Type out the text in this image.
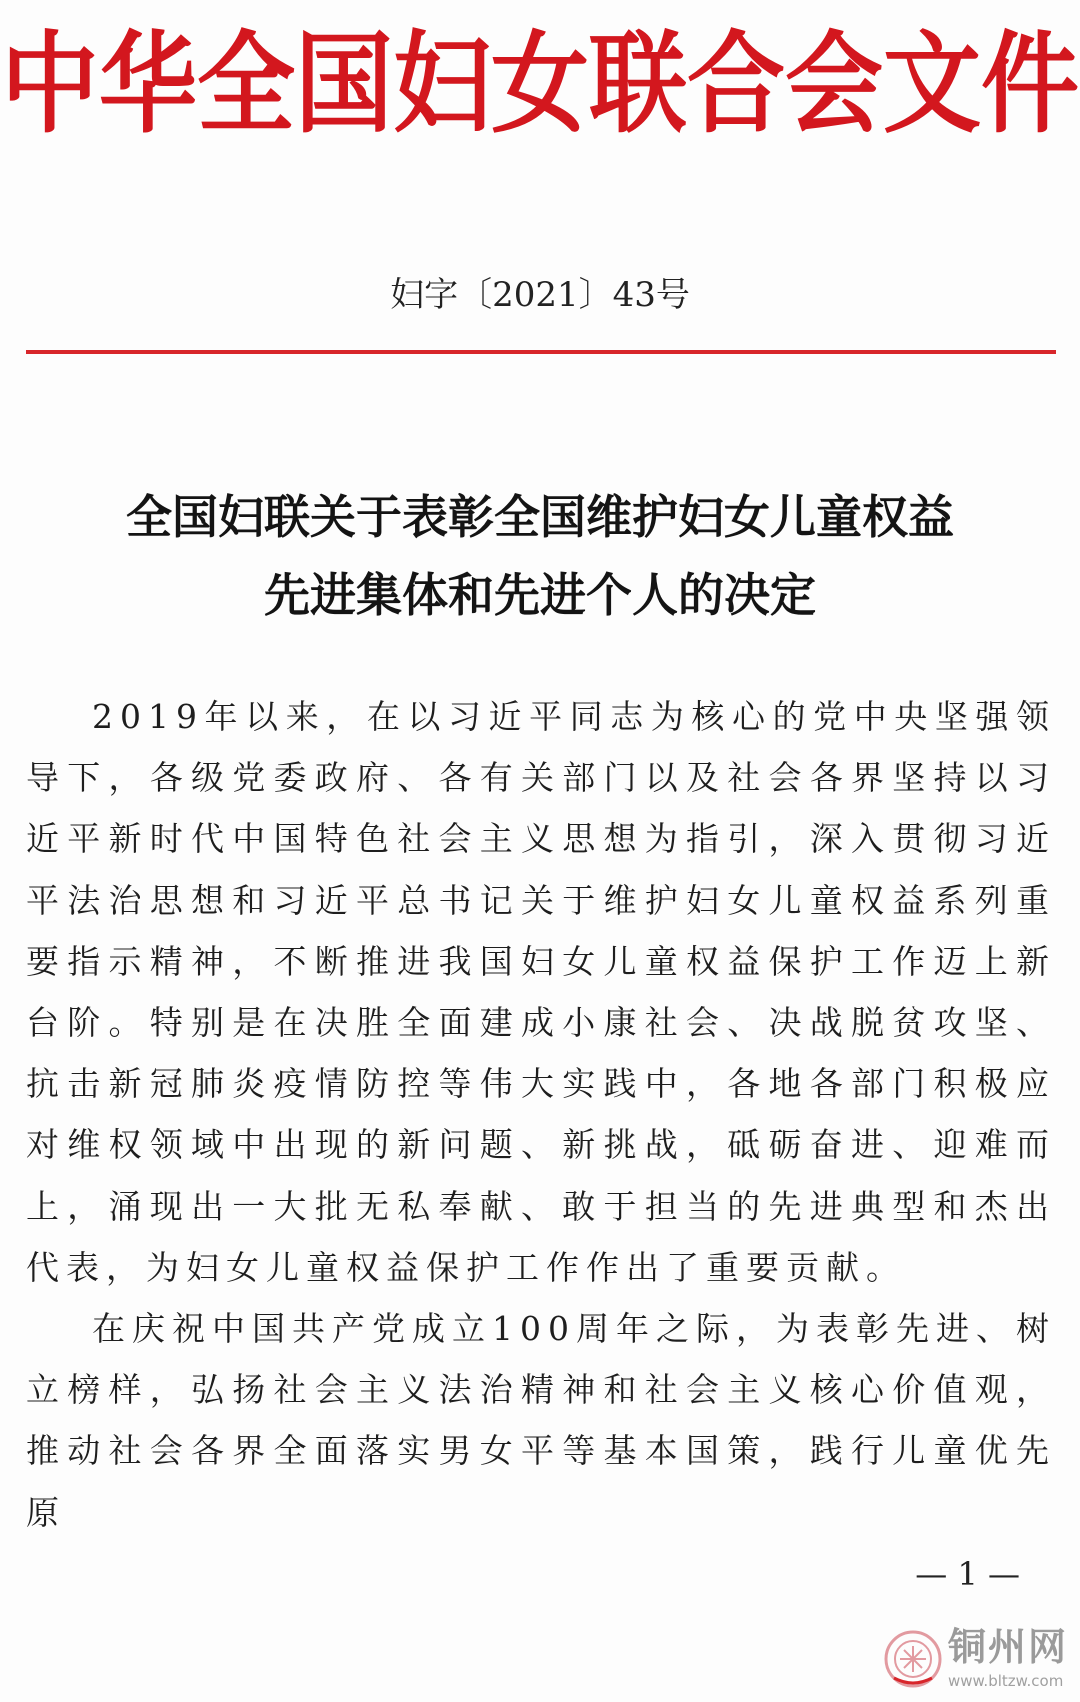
中华全国妇女联合会文件
妇字〔2021〕43号
全国妇联关于表彰全国维护妇女儿童权益
先进集体和先进个人的决定

2019年以来，在以习近平同志为核心的党中央坚强领导下，各级党委政府、各有关部门以及社会各界坚持以习近平新时代中国特色社会主义思想为指引，深入贯彻习近平法治思想和习近平总书记关于维护妇女儿童权益系列重要指示精神，不断推进我国妇女儿童权益保护工作迈上新台阶。特别是在决胜全面建成小康社会、决战脱贫攻坚、抗击新冠肺炎疫情防控等伟大实践中，各地各部门积极应对维权领域中出现的新问题、新挑战，砥砺奋进、迎难而上，涌现出一大批无私奉献、敢于担当的先进典型和杰出代表，为妇女儿童权益保护工作作出了重要贡献。

在庆祝中国共产党成立100周年之际，为表彰先进、树立榜样，弘扬社会主义法治精神和社会主义核心价值观，推动社会各界全面落实男女平等基本国策，践行儿童优先原

— 1 —
铜州网
www.bltzw.com
